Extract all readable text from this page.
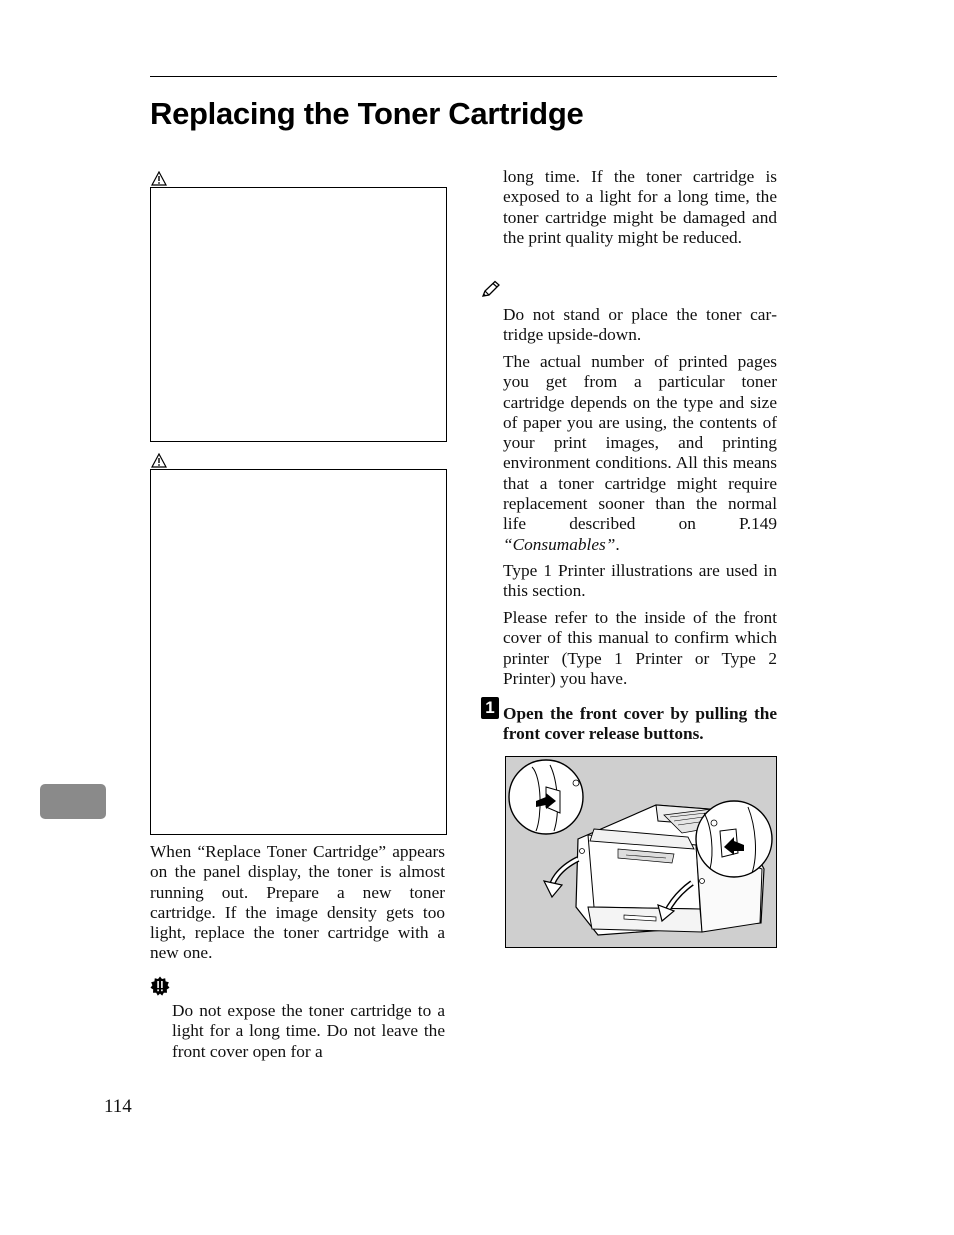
Replacing the Toner Cartridge

When “Replace Toner Cartridge” appears on the panel display, the toner is almost running out. Prepare a new toner cartridge. If the image density gets too light, replace the toner cartridge with a new one.

Do not expose the toner cartridge to a light for a long time. Do not leave the front cover open for a

long time. If the toner cartridge is exposed to a light for a long time, the toner cartridge might be damaged and the print quality might be reduced.

Do not stand or place the toner cartridge upside-down.

The actual number of printed pages you get from a particular toner cartridge depends on the type and size of paper you are using, the contents of your print images, and printing environment conditions. All this means that a toner cartridge might require replacement sooner than the normal life described on P.149 “Consumables”.

Type 1 Printer illustrations are used in this section.

Please refer to the inside of the front cover of this manual to confirm which printer (Type 1 Printer or Type 2 Printer) you have.

1 Open the front cover by pulling the front cover release buttons.

114
